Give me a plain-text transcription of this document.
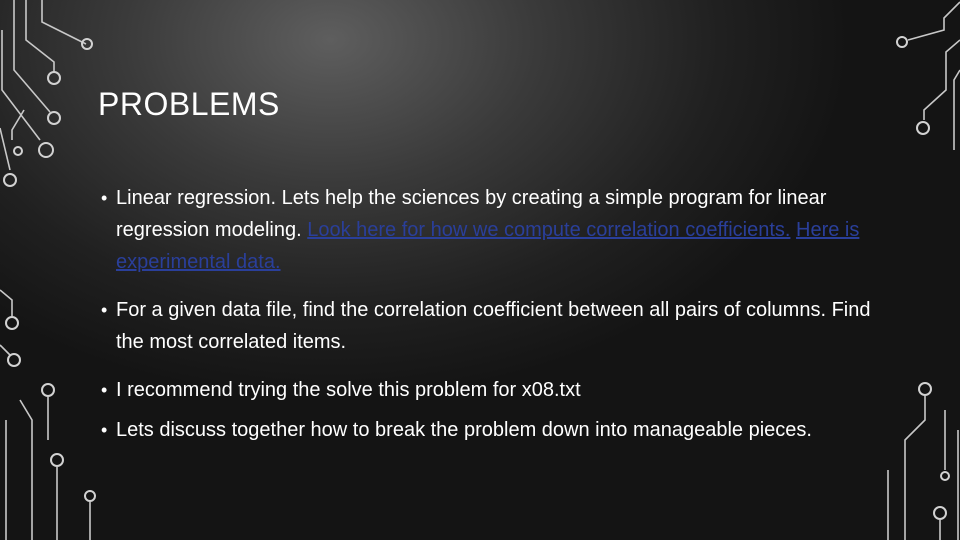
PROBLEMS
• Linear regression. Lets help the sciences by creating a simple program for linear regression modeling. Look here for how we compute correlation coefficients. Here is experimental data.
• For a given data file, find the correlation coefficient between all pairs of columns. Find the most correlated items.
• I recommend trying the solve this problem for x08.txt
• Lets discuss together how to break the problem down into manageable pieces.
